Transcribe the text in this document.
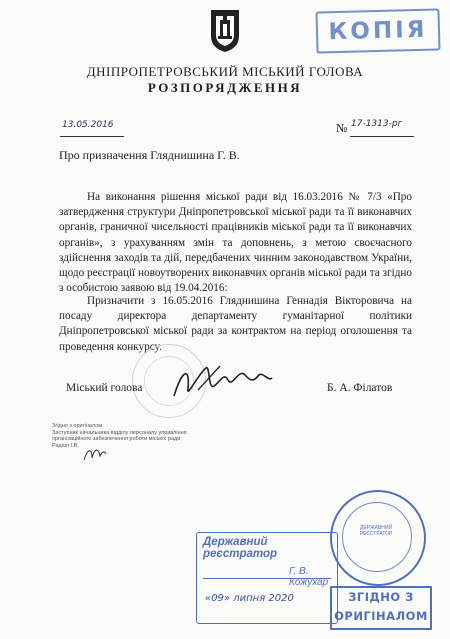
КОПІЯ
ДНІПРОПЕТРОВСЬКИЙ МІСЬКИЙ ГОЛОВА
РОЗПОРЯДЖЕННЯ
13.05.2016	№ 17-1313-рг
Про призначення Гляднишина Г. В.
На виконання рішення міської ради від 16.03.2016 № 7/3 «Про затвердження структури Дніпропетровської міської ради та її виконавчих органів, граничної чисельності працівників міської ради та її виконавчих органів», з урахуванням змін та доповнень, з метою своєчасного здійснення заходів та дій, передбачених чинним законодавством України, щодо реєстрації новоутворених виконавчих органів міської ради та згідно з особистою заявою від 19.04.2016:
Призначити з 16.05.2016 Гляднишина Геннадія Вікторовича на посаду директора департаменту гуманітарної політики Дніпропетровської міської ради за контрактом на період оголошення та проведення конкурсу.
Міський голова	Б. А. Філатов
Згідно з оригіналом
Заступник начальника відділу персоналу управління
організаційного забезпечення роботи міської ради
Радіон І.В.
ДЕРЖАВНИЙ РЕЄСТРАТОР
Державний реєстратор
Г. В. Кожухар
«09» липня 2020	ЗГІДНО З
ОРИГІНАЛОМ
